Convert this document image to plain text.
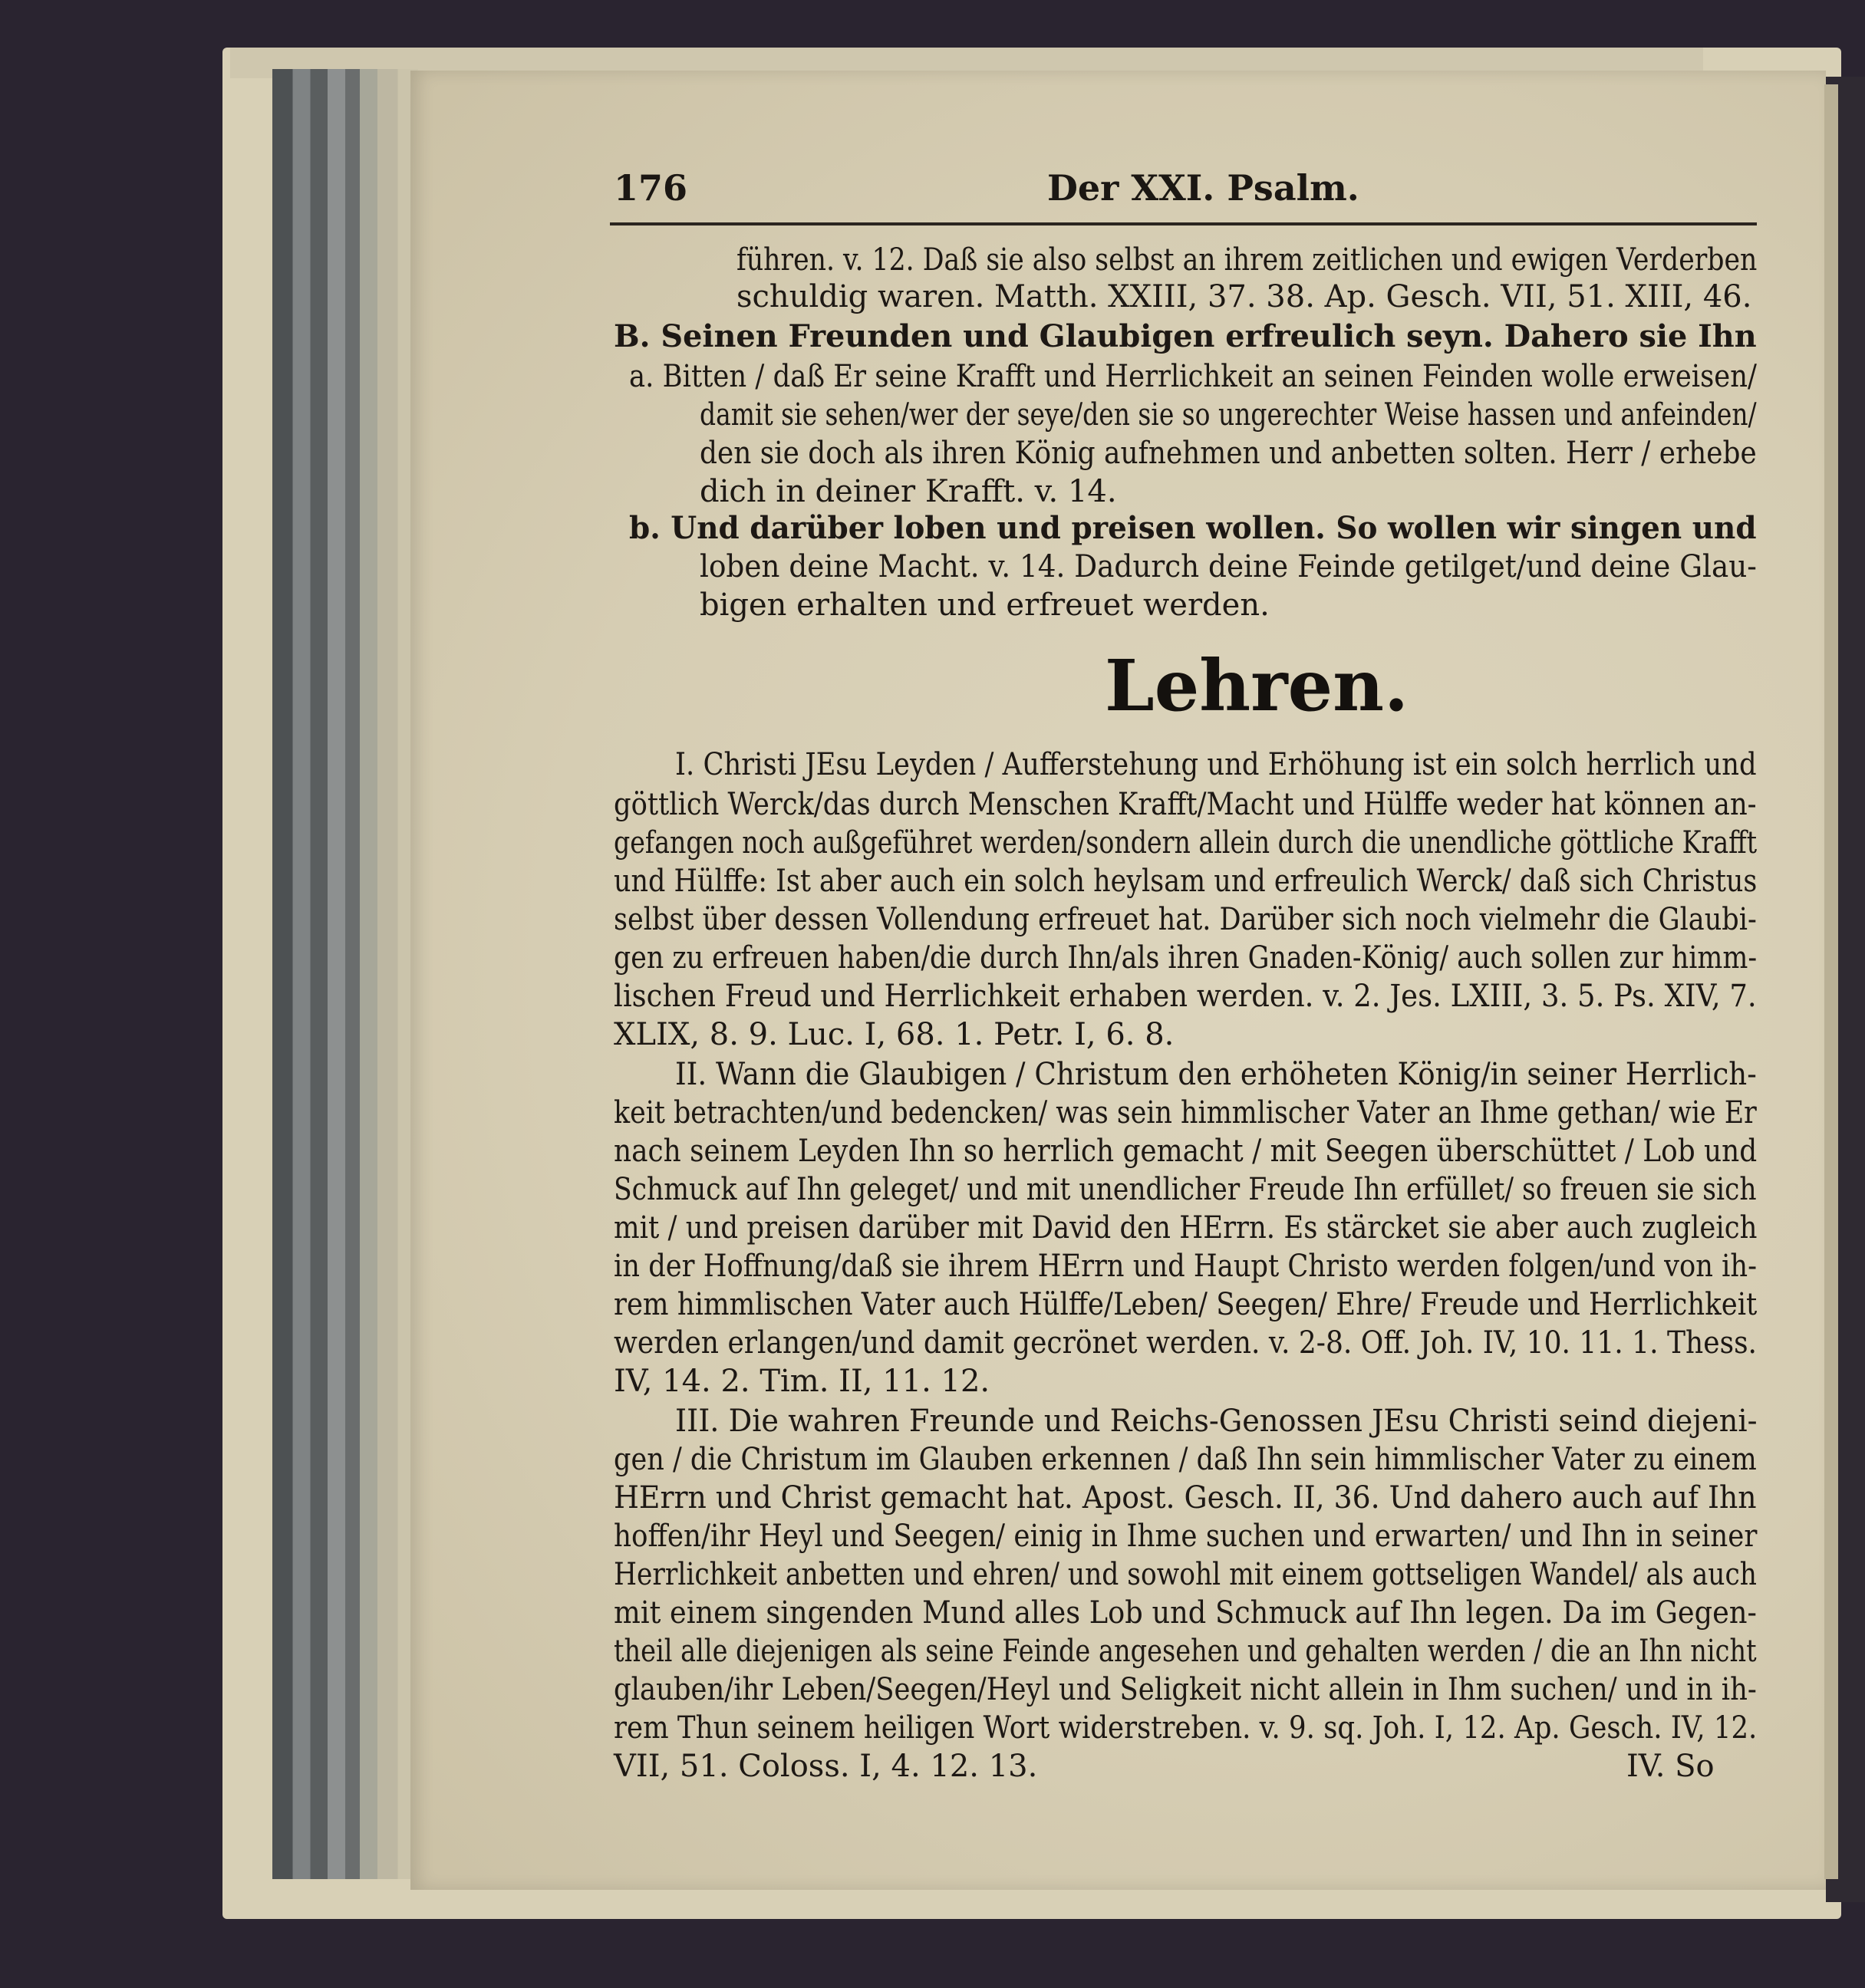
176	Der XXI. Psalm.
führen. v. 12. Daß sie also selbst an ihrem zeitlichen und ewigen Verderben
schuldig waren. Matth. XXIII, 37. 38. Ap. Gesch. VII, 51. XIII, 46.
B. Seinen Freunden und Glaubigen erfreulich seyn. Dahero sie Ihn
a. Bitten / daß Er seine Krafft und Herrlichkeit an seinen Feinden wolle erweisen/
damit sie sehen/wer der seye/den sie so ungerechter Weise hassen und anfeinden/
den sie doch als ihren König aufnehmen und anbetten solten. Herr / erhebe
dich in deiner Krafft. v. 14.
b. Und darüber loben und preisen wollen. So wollen wir singen und
loben deine Macht. v. 14. Dadurch deine Feinde getilget/und deine Glau-
bigen erhalten und erfreuet werden.
Lehren.
I. Christi JEsu Leyden / Aufferstehung und Erhöhung ist ein solch herrlich und
göttlich Werck/das durch Menschen Krafft/Macht und Hülffe weder hat können an-
gefangen noch außgeführet werden/sondern allein durch die unendliche göttliche Krafft
und Hülffe: Ist aber auch ein solch heylsam und erfreulich Werck/ daß sich Christus
selbst über dessen Vollendung erfreuet hat. Darüber sich noch vielmehr die Glaubi-
gen zu erfreuen haben/die durch Ihn/als ihren Gnaden-König/ auch sollen zur himm-
lischen Freud und Herrlichkeit erhaben werden. v. 2. Jes. LXIII, 3. 5. Ps. XIV, 7.
XLIX, 8. 9. Luc. I, 68. 1. Petr. I, 6. 8.
II. Wann die Glaubigen / Christum den erhöheten König/in seiner Herrlich-
keit betrachten/und bedencken/ was sein himmlischer Vater an Ihme gethan/ wie Er
nach seinem Leyden Ihn so herrlich gemacht / mit Seegen überschüttet / Lob und
Schmuck auf Ihn geleget/ und mit unendlicher Freude Ihn erfüllet/ so freuen sie sich
mit / und preisen darüber mit David den HErrn. Es stärcket sie aber auch zugleich
in der Hoffnung/daß sie ihrem HErrn und Haupt Christo werden folgen/und von ih-
rem himmlischen Vater auch Hülffe/Leben/ Seegen/ Ehre/ Freude und Herrlichkeit
werden erlangen/und damit gecrönet werden. v. 2-8. Off. Joh. IV, 10. 11. 1. Thess.
IV, 14. 2. Tim. II, 11. 12.
III. Die wahren Freunde und Reichs-Genossen JEsu Christi seind diejeni-
gen / die Christum im Glauben erkennen / daß Ihn sein himmlischer Vater zu einem
HErrn und Christ gemacht hat. Apost. Gesch. II, 36. Und dahero auch auf Ihn
hoffen/ihr Heyl und Seegen/ einig in Ihme suchen und erwarten/ und Ihn in seiner
Herrlichkeit anbetten und ehren/ und sowohl mit einem gottseligen Wandel/ als auch
mit einem singenden Mund alles Lob und Schmuck auf Ihn legen. Da im Gegen-
theil alle diejenigen als seine Feinde angesehen und gehalten werden / die an Ihn nicht
glauben/ihr Leben/Seegen/Heyl und Seligkeit nicht allein in Ihm suchen/ und in ih-
rem Thun seinem heiligen Wort widerstreben. v. 9. sq. Joh. I, 12. Ap. Gesch. IV, 12.
VII, 51. Coloss. I, 4. 12. 13.	IV. So
